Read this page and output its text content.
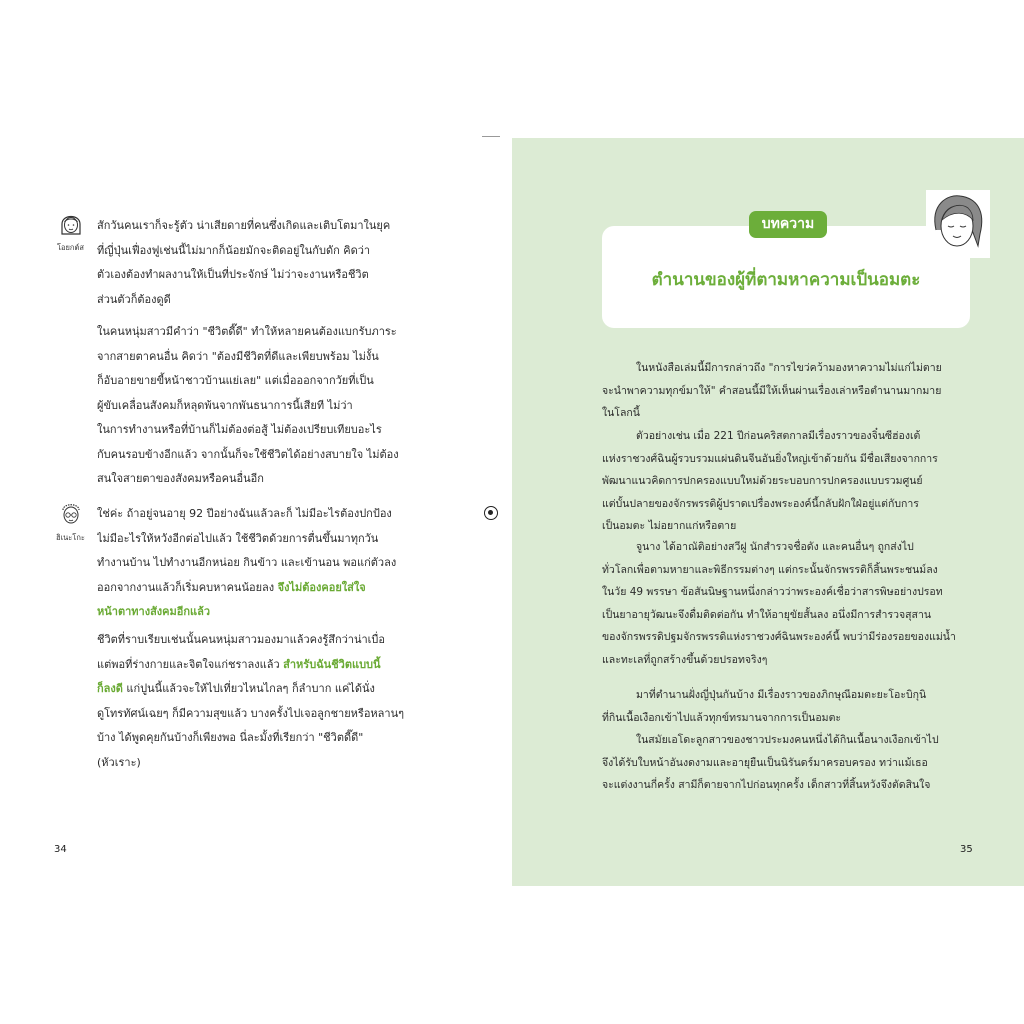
โอยกต์ส
ฮิเนะโกะ
สักวันคนเราก็จะรู้ตัว น่าเสียดายที่คนซึ่งเกิดและเติบโตมาในยุค
ที่ญี่ปุ่นเฟื่องฟูเช่นนี้ไม่มากก็น้อยมักจะติดอยู่ในกับดัก คิดว่า
ตัวเองต้องทำผลงานให้เป็นที่ประจักษ์ ไม่ว่าจะงานหรือชีวิต
ส่วนตัวก็ต้องดูดี
ในคนหนุ่มสาวมีคำว่า "ชีวิตดี๊ดี" ทำให้หลายคนต้องแบกรับภาระ
จากสายตาคนอื่น คิดว่า "ต้องมีชีวิตที่ดีและเพียบพร้อม ไม่งั้น
ก็อับอายขายขี้หน้าชาวบ้านแย่เลย" แต่เมื่อออกจากวัยที่เป็น
ผู้ขับเคลื่อนสังคมก็หลุดพ้นจากพันธนาการนี้เสียที ไม่ว่า
ในการทำงานหรือที่บ้านก็ไม่ต้องต่อสู้ ไม่ต้องเปรียบเทียบอะไร
กับคนรอบข้างอีกแล้ว จากนั้นก็จะใช้ชีวิตได้อย่างสบายใจ ไม่ต้อง
สนใจสายตาของสังคมหรือคนอื่นอีก
ใช่ค่ะ ถ้าอยู่จนอายุ 92 ปีอย่างฉันแล้วละก็ ไม่มีอะไรต้องปกป้อง
ไม่มีอะไรให้หวังอีกต่อไปแล้ว ใช้ชีวิตด้วยการตื่นขึ้นมาทุกวัน
ทำงานบ้าน ไปทำงานอีกหน่อย กินข้าว และเข้านอน พอแก่ตัวลง
ออกจากงานแล้วก็เริ่มคบหาคนน้อยลง จึงไม่ต้องคอยใส่ใจ
หน้าตาทางสังคมอีกแล้ว
ชีวิตที่ราบเรียบเช่นนั้นคนหนุ่มสาวมองมาแล้วคงรู้สึกว่าน่าเบื่อ
แต่พอที่ร่างกายและจิตใจแก่ชราลงแล้ว สำหรับฉันชีวิตแบบนี้
ก็ลงดี แก่ปูนนี้แล้วจะให้ไปเที่ยวไหนไกลๆ ก็ลำบาก แค่ได้นั่ง
ดูโทรทัศน์เฉยๆ ก็มีความสุขแล้ว บางครั้งไปเจอลูกชายหรือหลานๆ
บ้าง ได้พูดคุยกันบ้างก็เพียงพอ นี่ละมั้งที่เรียกว่า "ชีวิตดี๊ดี"
(หัวเราะ)
34
บทความ
ตำนานของผู้ที่ตามหาความเป็นอมตะ
ในหนังสือเล่มนี้มีการกล่าวถึง "การไขว่คว้ามองหาความไม่แก่ไม่ตาย
จะนำพาความทุกข์มาให้" คำสอนนี้มีให้เห็นผ่านเรื่องเล่าหรือตำนานมากมาย
ในโลกนี้
ตัวอย่างเช่น เมื่อ 221 ปีก่อนคริสตกาลมีเรื่องราวของจิ๋นซีฮ่องเต้
แห่งราชวงศ์ฉินผู้รวบรวมแผ่นดินจีนอันยิ่งใหญ่เข้าด้วยกัน มีชื่อเสียงจากการ
พัฒนาแนวคิดการปกครองแบบใหม่ด้วยระบอบการปกครองแบบรวมศูนย์
แต่บั้นปลายของจักรพรรดิผู้ปราดเปรื่องพระองค์นี้กลับฝักใฝ่อยู่แต่กับการ
เป็นอมตะ ไม่อยากแก่หรือตาย
จูนาง ได้อาณัติอย่างสวีฝู นักสำรวจชื่อดัง และคนอื่นๆ ถูกส่งไป
ทั่วโลกเพื่อตามหายาและพิธีกรรมต่างๆ แต่กระนั้นจักรพรรดิก็สิ้นพระชนม์ลง
ในวัย 49 พรรษา ข้อสันนิษฐานหนึ่งกล่าวว่าพระองค์เชื่อว่าสารพิษอย่างปรอท
เป็นยาอายุวัฒนะจึงดื่มติดต่อกัน ทำให้อายุขัยสั้นลง อนึ่งมีการสำรวจสุสาน
ของจักรพรรดิปฐมจักรพรรดิแห่งราชวงศ์ฉินพระองค์นี้ พบว่ามีร่องรอยของแม่น้ำ
และทะเลที่ถูกสร้างขึ้นด้วยปรอทจริงๆ
มาที่ตำนานฝั่งญี่ปุ่นกันบ้าง มีเรื่องราวของภิกษุณีอมตะยะโอะบิกุนิ
ที่กินเนื้อเงือกเข้าไปแล้วทุกข์ทรมานจากการเป็นอมตะ
ในสมัยเอโดะลูกสาวของชาวประมงคนหนึ่งได้กินเนื้อนางเงือกเข้าไป
จึงได้รับใบหน้าอันงดงามและอายุยืนเป็นนิรันดร์มาครอบครอง ทว่าแม้เธอ
จะแต่งงานกี่ครั้ง สามีก็ตายจากไปก่อนทุกครั้ง เด็กสาวที่สิ้นหวังจึงตัดสินใจ
35
